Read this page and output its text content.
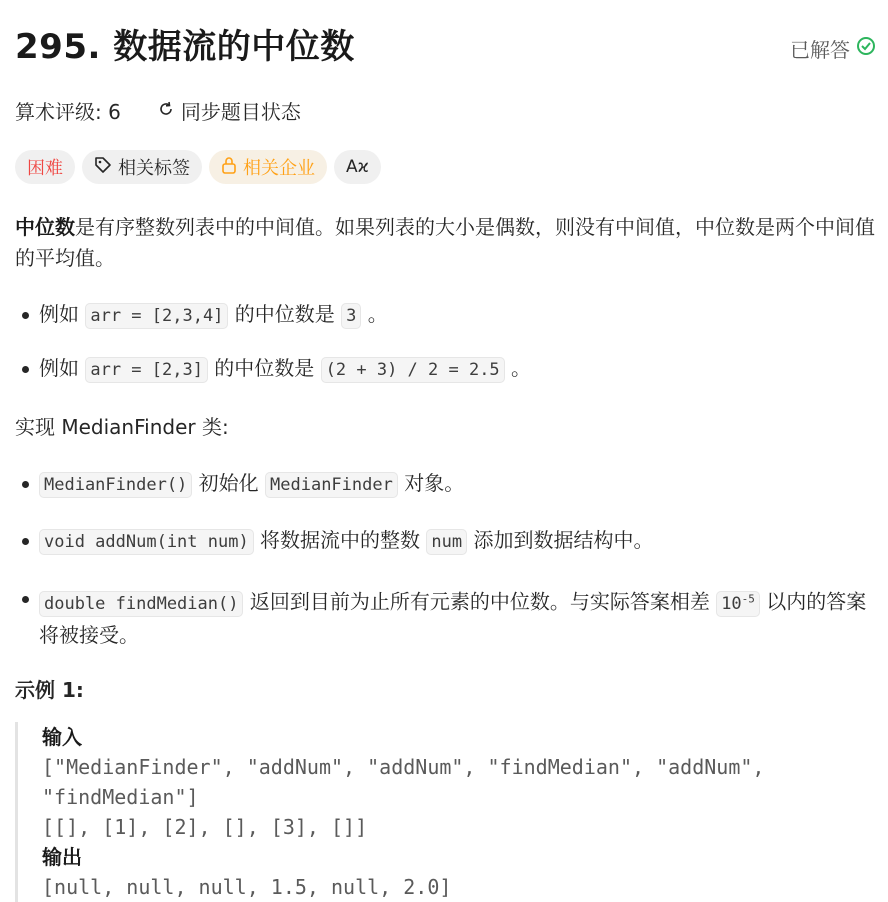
295. 数据流的中位数	已解答
算术评级: 6	同步题目状态
困难	相关标签	相关企业 Aϰ

中位数是有序整数列表中的中间值。如果列表的大小是偶数，则没有中间值，中位数是两个中间值的平均值。

例如 arr = [2,3,4] 的中位数是 3 。
例如 arr = [2,3] 的中位数是 (2 + 3) / 2 = 2.5 。

实现 MedianFinder 类:

MedianFinder() 初始化 MedianFinder 对象。
void addNum(int num) 将数据流中的整数 num 添加到数据结构中。
double findMedian() 返回到目前为止所有元素的中位数。与实际答案相差 $10^{-5}$ 以内的答案将被接受。

示例 1:

输入
["MedianFinder", "addNum", "addNum", "findMedian", "addNum",
"findMedian"]
[[], [1], [2], [], [3], []]
输出
[null, null, null, 1.5, null, 2.0]
